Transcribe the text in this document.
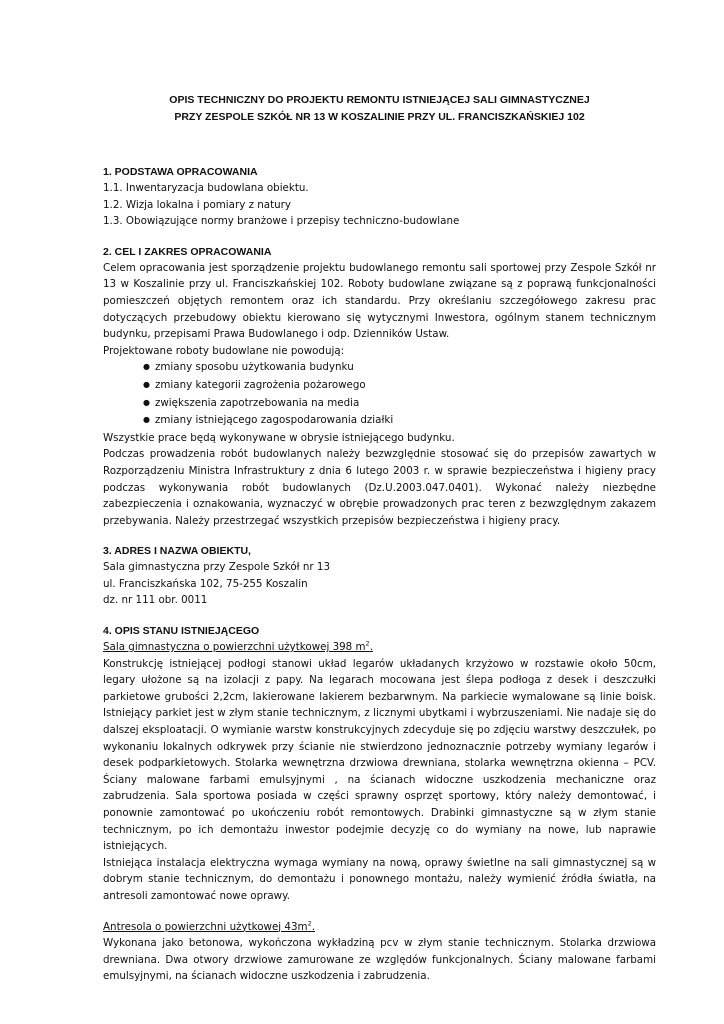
OPIS TECHNICZNY DO PROJEKTU REMONTU ISTNIEJĄCEJ SALI GIMNASTYCZNEJ

PRZY ZESPOLE SZKÓŁ NR 13 W KOSZALINIE PRZY UL. FRANCISZKAŃSKIEJ 102

1. PODSTAWA OPRACOWANIA

1.1. Inwentaryzacja budowlana obiektu.

1.2. Wizja lokalna i pomiary z natury

1.3. Obowiązujące normy branżowe i przepisy techniczno-budowlane

2. CEL I ZAKRES OPRACOWANIA

Celem opracowania jest sporządzenie projektu budowlanego remontu sali sportowej przy Zespole Szkół nr 13 w Koszalinie przy ul. Franciszkańskiej 102. Roboty budowlane związane są z poprawą funkcjonalności pomieszczeń objętych remontem oraz ich standardu. Przy określaniu szczegółowego zakresu prac dotyczących przebudowy obiektu kierowano się wytycznymi Inwestora, ogólnym stanem technicznym budynku, przepisami Prawa Budowlanego i odp. Dzienników Ustaw.

Projektowane roboty budowlane nie powodują:

● zmiany sposobu użytkowania budynku
● zmiany kategorii zagrożenia pożarowego
● zwiększenia zapotrzebowania na media
● zmiany istniejącego zagospodarowania działki

Wszystkie prace będą wykonywane w obrysie istniejącego budynku.

Podczas prowadzenia robót budowlanych należy bezwzględnie stosować się do przepisów zawartych w Rozporządzeniu Ministra Infrastruktury z dnia 6 lutego 2003 r. w sprawie bezpieczeństwa i higieny pracy podczas wykonywania robót budowlanych (Dz.U.2003.047.0401). Wykonać należy niezbędne zabezpieczenia i oznakowania, wyznaczyć w obrębie prowadzonych prac teren z bezwzględnym zakazem przebywania. Należy przestrzegać wszystkich przepisów bezpieczeństwa i higieny pracy.

3. ADRES I NAZWA OBIEKTU,

Sala gimnastyczna przy Zespole Szkół nr 13

ul. Franciszkańska 102, 75-255 Koszalin

dz. nr 111 obr. 0011

4. OPIS STANU ISTNIEJĄCEGO

Sala gimnastyczna o powierzchni użytkowej 398 $m^2$.

Konstrukcję istniejącej podłogi stanowi układ legarów układanych krzyżowo w rozstawie około 50cm, legary ułożone są na izolacji z papy. Na legarach mocowana jest ślepa podłoga z desek i deszczułki parkietowe grubości 2,2cm, lakierowane lakierem bezbarwnym. Na parkiecie wymalowane są linie boisk. Istniejący parkiet jest w złym stanie technicznym, z licznymi ubytkami i wybrzuszeniami. Nie nadaje się do dalszej eksploatacji. O wymianie warstw konstrukcyjnych zdecyduje się po zdjęciu warstwy deszczułek, po wykonaniu lokalnych odkrywek przy ścianie nie stwierdzono jednoznacznie potrzeby wymiany legarów i desek podparkietowych. Stolarka wewnętrzna drzwiowa drewniana, stolarka wewnętrzna okienna – PCV. Ściany malowane farbami emulsyjnymi , na ścianach widoczne uszkodzenia mechaniczne oraz zabrudzenia. Sala sportowa posiada w części sprawny osprzęt sportowy, który należy demontować, i ponownie zamontować po ukończeniu robót remontowych. Drabinki gimnastyczne są w złym stanie technicznym, po ich demontażu inwestor podejmie decyzję co do wymiany na nowe, lub naprawie istniejących.

Istniejąca instalacja elektryczna wymaga wymiany na nową, oprawy świetlne na sali gimnastycznej są w dobrym stanie technicznym, do demontażu i ponownego montażu, należy wymienić źródła światła, na antresoli zamontować nowe oprawy.

Antresola o powierzchni użytkowej $43m^2$.

Wykonana jako betonowa, wykończona wykładziną pcv w złym stanie technicznym. Stolarka drzwiowa drewniana. Dwa otwory drzwiowe zamurowane ze względów funkcjonalnych. Ściany malowane farbami emulsyjnymi, na ścianach widoczne uszkodzenia i zabrudzenia.
